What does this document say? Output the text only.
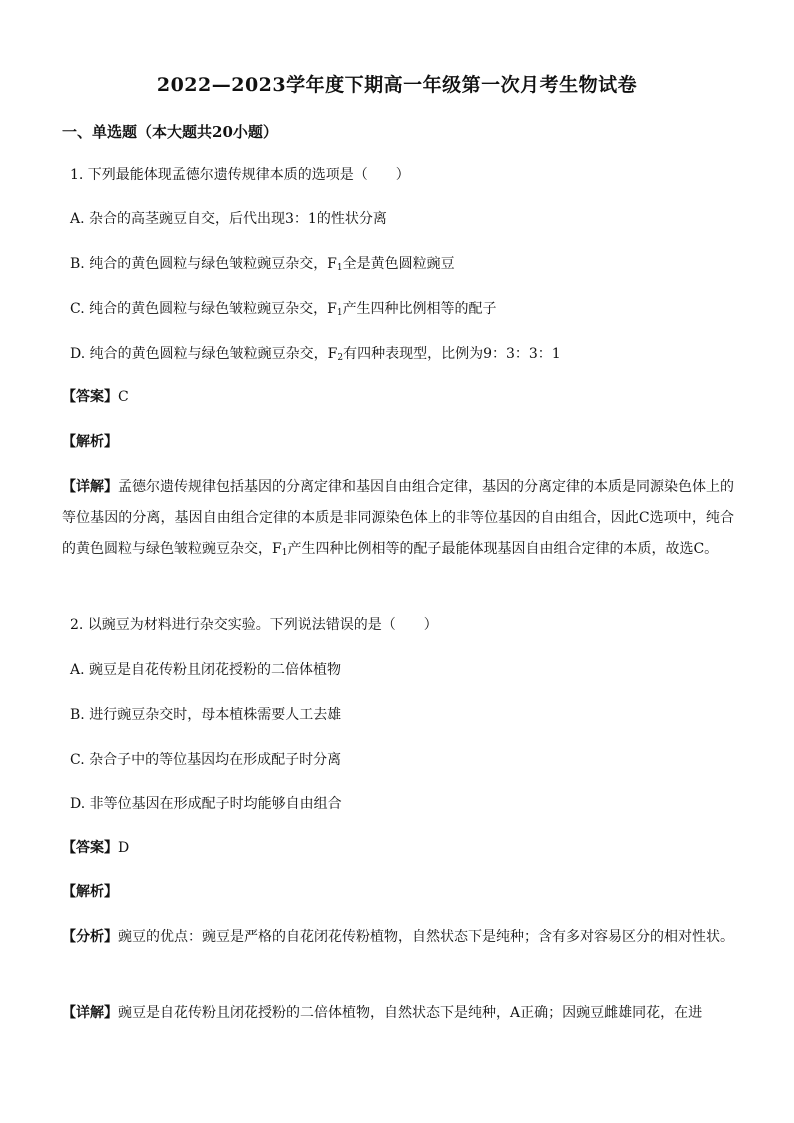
2022—2023学年度下期高一年级第一次月考生物试卷
一、单选题（本大题共20小题）
1. 下列最能体现孟德尔遗传规律本质的选项是（　　）
A. 杂合的高茎豌豆自交，后代出现3：1的性状分离
B. 纯合的黄色圆粒与绿色皱粒豌豆杂交，$F_1$全是黄色圆粒豌豆
C. 纯合的黄色圆粒与绿色皱粒豌豆杂交，$F_1$产生四种比例相等的配子
D. 纯合的黄色圆粒与绿色皱粒豌豆杂交，$F_2$有四种表现型，比例为9：3：3：1
【答案】C
【解析】
【详解】孟德尔遗传规律包括基因的分离定律和基因自由组合定律，基因的分离定律的本质是同源染色体上的等位基因的分离，基因自由组合定律的本质是非同源染色体上的非等位基因的自由组合，因此C选项中，纯合的黄色圆粒与绿色皱粒豌豆杂交，$F_1$产生四种比例相等的配子最能体现基因自由组合定律的本质，故选C。
2. 以豌豆为材料进行杂交实验。下列说法错误的是（　　）
A. 豌豆是自花传粉且闭花授粉的二倍体植物
B. 进行豌豆杂交时，母本植株需要人工去雄
C. 杂合子中的等位基因均在形成配子时分离
D. 非等位基因在形成配子时均能够自由组合
【答案】D
【解析】
【分析】豌豆的优点：豌豆是严格的自花闭花传粉植物，自然状态下是纯种；含有多对容易区分的相对性状。
【详解】豌豆是自花传粉且闭花授粉的二倍体植物，自然状态下是纯种，A正确；因豌豆雌雄同花，在进
